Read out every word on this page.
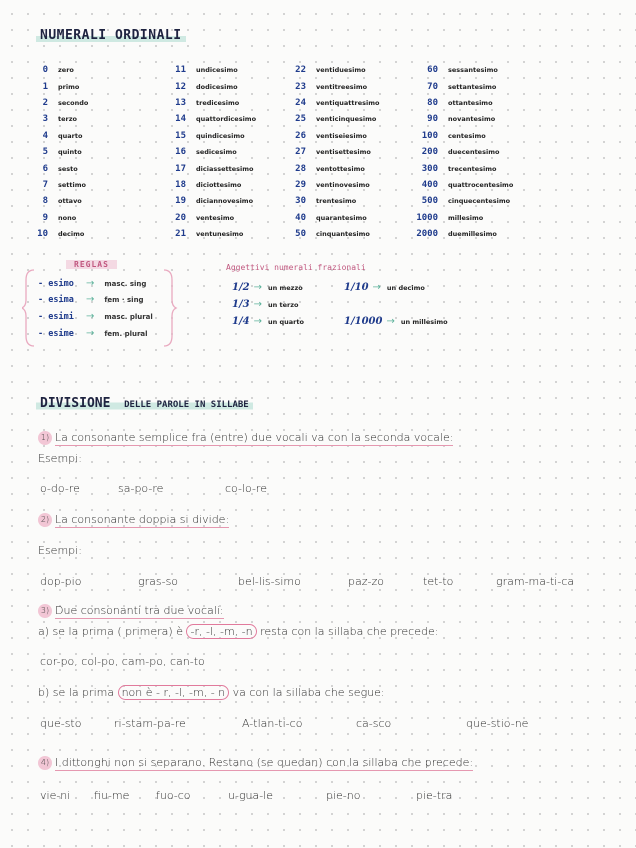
NUMERALI ORDINALI
0 zero
1 primo
2 secondo
3 terzo
4 quarto
5 quinto
6 sesto
7 settimo
8 ottavo
9 nono
10 decimo
11 undicesimo
12 dodicesimo
13 tredicesimo
14 quattordicesimo
15 quindicesimo
16 sedicesimo
17 diciassettesimo
18 diciottesimo
19 diciannovesimo
20 ventesimo
21 ventunesimo
22 ventiduesimo
23 ventitreesimo
24 ventiquattresimo
25 venticinquesimo
26 ventiseiesimo
27 ventisettesimo
28 ventottesimo
29 ventinovesimo
30 trentesimo
40 quarantesimo
50 cinquantesimo
60 sessantesimo
70 settantesimo
80 ottantesimo
90 novantesimo
100 centesimo
200 duecentesimo
300 trecentesimo
400 quattrocentesimo
500 cinquecentesimo
1000 millesimo
2000 duemillesimo
REGLAS
- esimo	→ masc. sing
- esima	→ fem · sing
- esimi	→ masc. plural
- esime	→ fem. plural
Aggettivi numerali frazionali
1/2 → un mezzo	1/10 → un decimo
1/3 → un terzo
1/4 → un quarto	1/1000 → un millesimo
DIVISIONE DELLE PAROLE IN SILLABE
1) La consonante semplice fra (entre) due vocali va con la seconda vocale:
Esempi:
o-do-re	sa-po-re	co-lo-re
2) La consonante doppia si divide:
Esempi:
dop-pio	gras-so	bel-lis-simo	paz-zo	tet-to	gram-ma-ti-ca
3) Due consonanti tra due vocali:
a) se la prima ( primera) è -r, -l, -m, -n resta con la sillaba che precede:
cor-po, col-po, cam-po, can-to
b) se la prima non è - r, -l, -m, - n va con la sillaba che segue:
que-sto	ri-stam-pa-re	A-tlan-ti-co	ca-sco	que-stio-ne
4) I dittonghi non si separano. Restano (se quedan) con la sillaba che precede:
vie-ni fiu-me fuo-co	u-gua-le	pie-no	pie-tra
